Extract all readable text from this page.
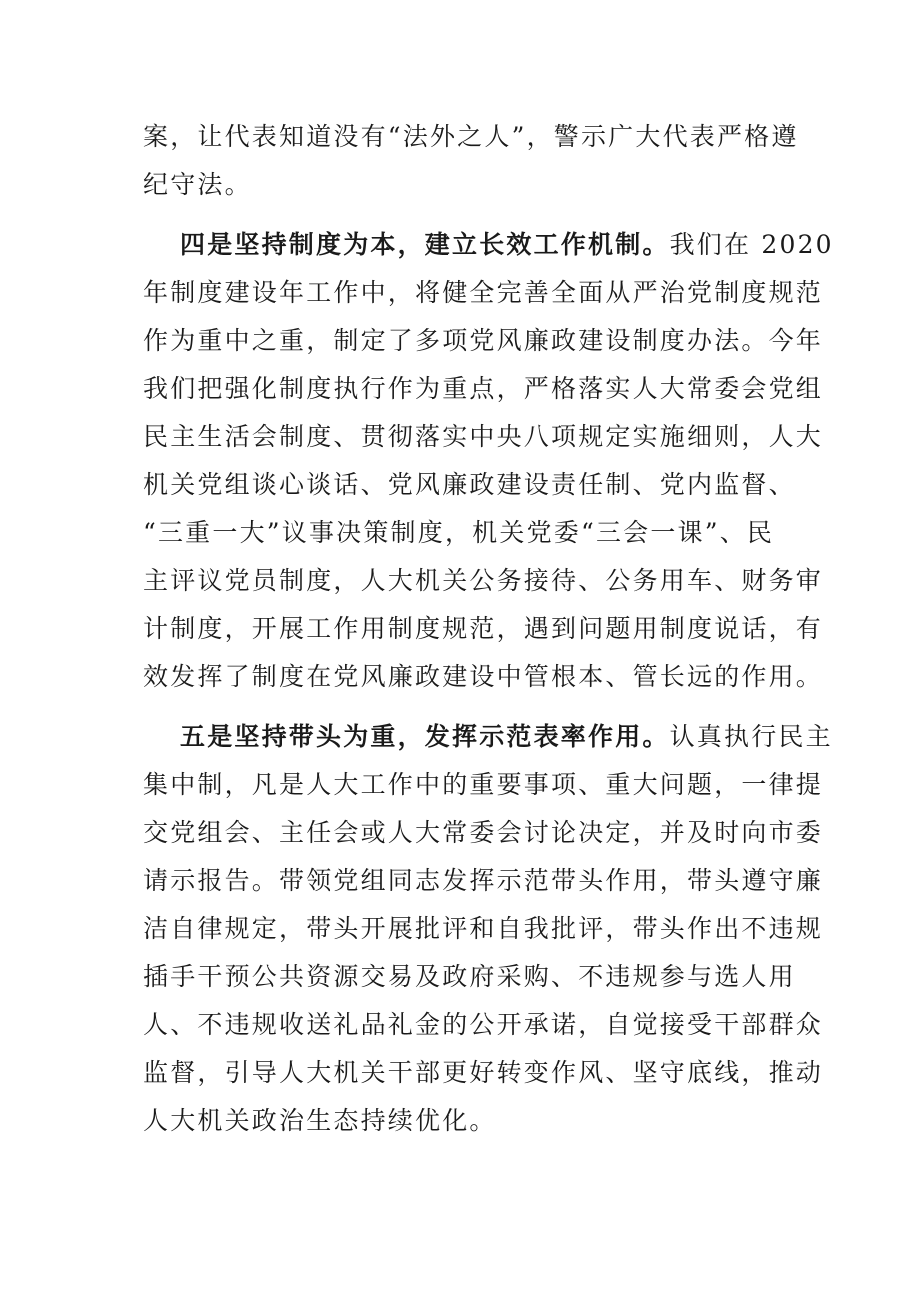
案，让代表知道没有“法外之人”，警示广大代表严格遵
纪守法。
四是坚持制度为本，建立长效工作机制。我们在 2020
年制度建设年工作中，将健全完善全面从严治党制度规范
作为重中之重，制定了多项党风廉政建设制度办法。今年
我们把强化制度执行作为重点，严格落实人大常委会党组
民主生活会制度、贯彻落实中央八项规定实施细则，人大
机关党组谈心谈话、党风廉政建设责任制、党内监督、
“三重一大”议事决策制度，机关党委“三会一课”、民
主评议党员制度，人大机关公务接待、公务用车、财务审
计制度，开展工作用制度规范，遇到问题用制度说话，有
效发挥了制度在党风廉政建设中管根本、管长远的作用。
五是坚持带头为重，发挥示范表率作用。认真执行民主
集中制，凡是人大工作中的重要事项、重大问题，一律提
交党组会、主任会或人大常委会讨论决定，并及时向市委
请示报告。带领党组同志发挥示范带头作用，带头遵守廉
洁自律规定，带头开展批评和自我批评，带头作出不违规
插手干预公共资源交易及政府采购、不违规参与选人用
人、不违规收送礼品礼金的公开承诺，自觉接受干部群众
监督，引导人大机关干部更好转变作风、坚守底线，推动
人大机关政治生态持续优化。
